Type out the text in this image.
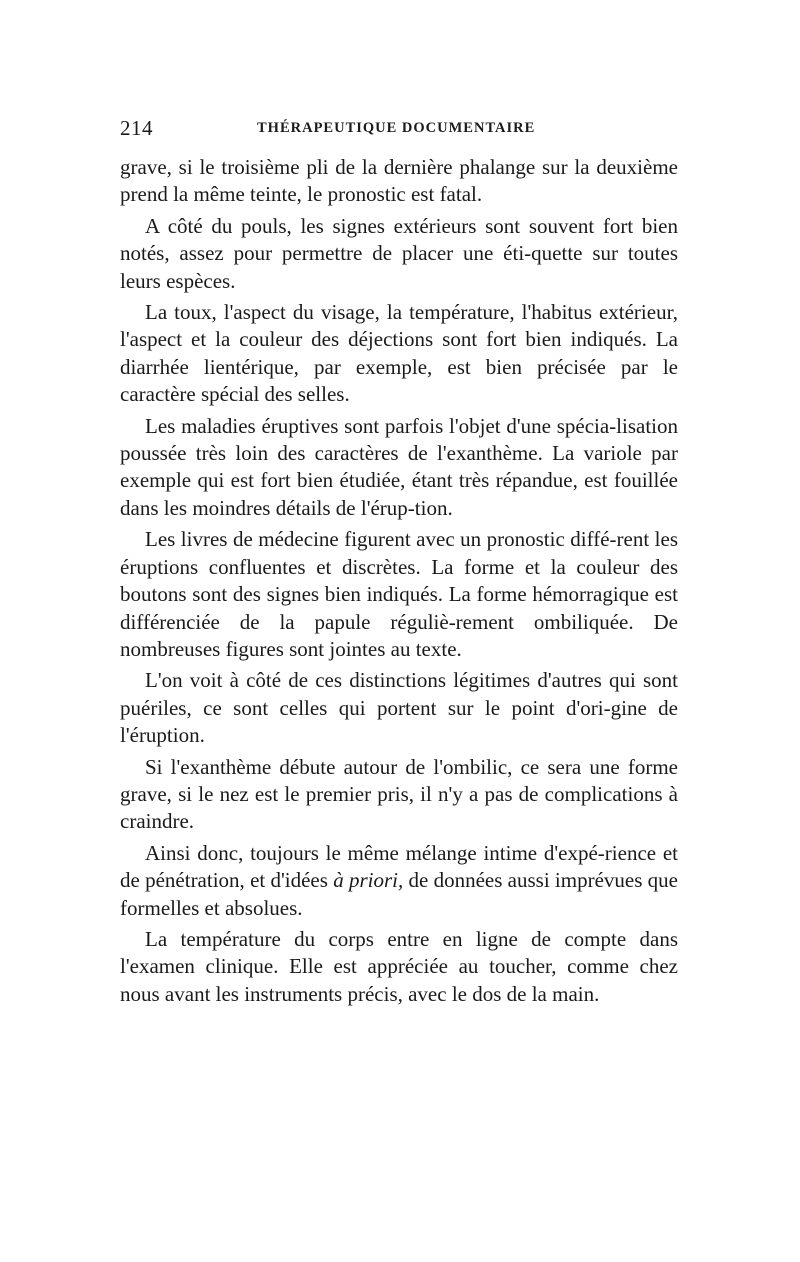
214	THÉRAPEUTIQUE DOCUMENTAIRE

grave, si le troisième pli de la dernière phalange sur la deuxième prend la même teinte, le pronostic est fatal.

A côté du pouls, les signes extérieurs sont souvent fort bien notés, assez pour permettre de placer une éti-quette sur toutes leurs espèces.

La toux, l'aspect du visage, la température, l'habitus extérieur, l'aspect et la couleur des déjections sont fort bien indiqués. La diarrhée lientérique, par exemple, est bien précisée par le caractère spécial des selles.

Les maladies éruptives sont parfois l'objet d'une spécia-lisation poussée très loin des caractères de l'exanthème. La variole par exemple qui est fort bien étudiée, étant très répandue, est fouillée dans les moindres détails de l'érup-tion.

Les livres de médecine figurent avec un pronostic diffé-rent les éruptions confluentes et discrètes. La forme et la couleur des boutons sont des signes bien indiqués. La forme hémorragique est différenciée de la papule réguliè-rement ombiliquée. De nombreuses figures sont jointes au texte.

L'on voit à côté de ces distinctions légitimes d'autres qui sont puériles, ce sont celles qui portent sur le point d'ori-gine de l'éruption.

Si l'exanthème débute autour de l'ombilic, ce sera une forme grave, si le nez est le premier pris, il n'y a pas de complications à craindre.

Ainsi donc, toujours le même mélange intime d'expé-rience et de pénétration, et d'idées à priori, de données aussi imprévues que formelles et absolues.

La température du corps entre en ligne de compte dans l'examen clinique. Elle est appréciée au toucher, comme chez nous avant les instruments précis, avec le dos de la main.
